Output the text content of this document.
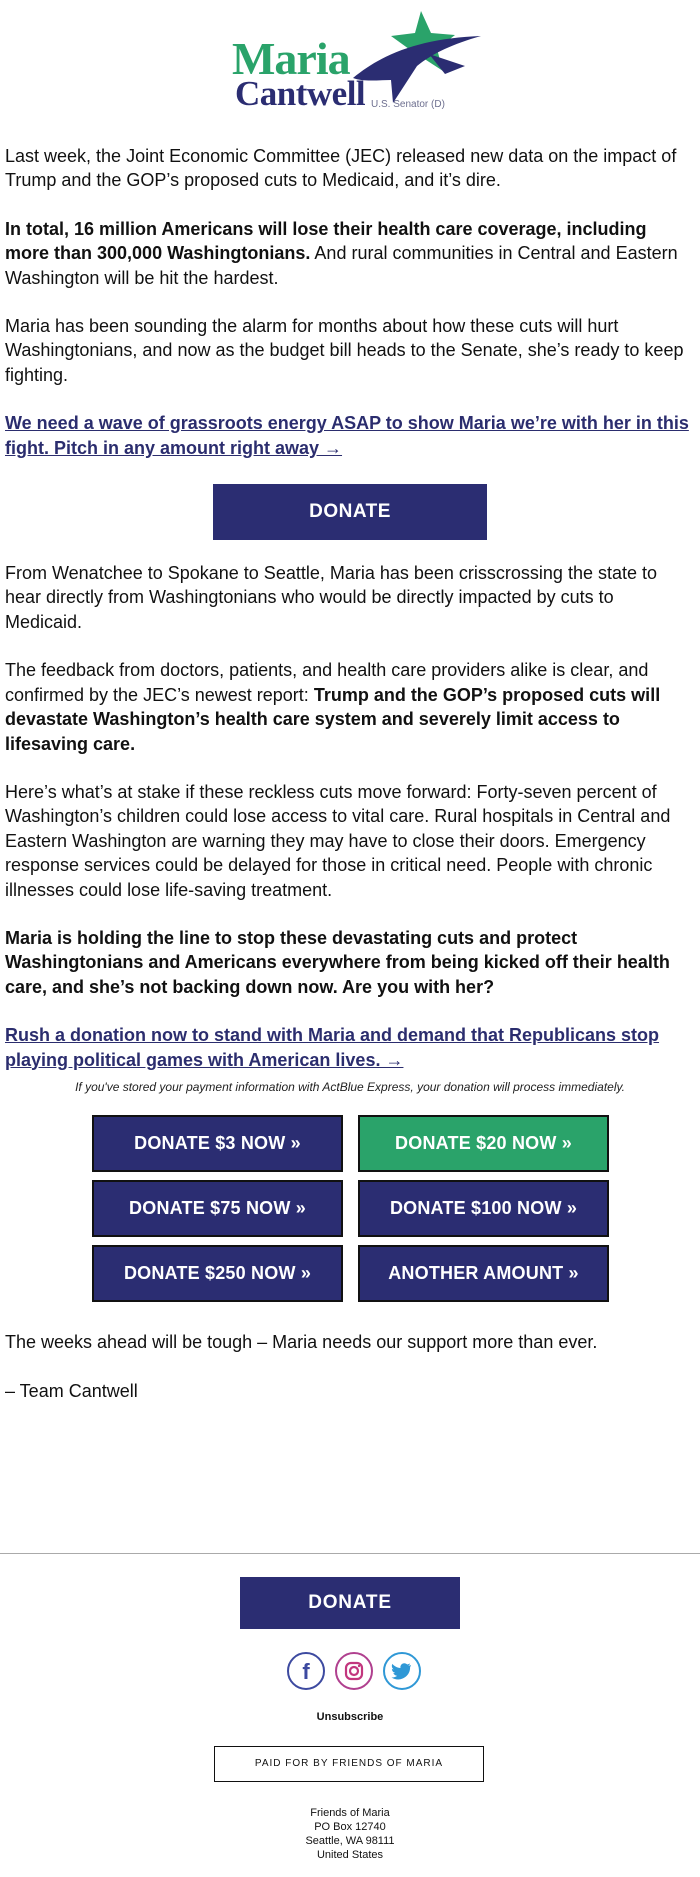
Maria
Cantwell U.S. Senator (D)

Last week, the Joint Economic Committee (JEC) released new data on the impact of Trump and the GOP’s proposed cuts to Medicaid, and it’s dire.

In total, 16 million Americans will lose their health care coverage, including more than 300,000 Washingtonians. And rural communities in Central and Eastern Washington will be hit the hardest.

Maria has been sounding the alarm for months about how these cuts will hurt Washingtonians, and now as the budget bill heads to the Senate, she’s ready to keep fighting.

We need a wave of grassroots energy ASAP to show Maria we’re with her in this fight. Pitch in any amount right away →

DONATE

From Wenatchee to Spokane to Seattle, Maria has been crisscrossing the state to hear directly from Washingtonians who would be directly impacted by cuts to Medicaid.

The feedback from doctors, patients, and health care providers alike is clear, and confirmed by the JEC’s newest report: Trump and the GOP’s proposed cuts will devastate Washington’s health care system and severely limit access to lifesaving care.

Here’s what’s at stake if these reckless cuts move forward: Forty-seven percent of Washington’s children could lose access to vital care. Rural hospitals in Central and Eastern Washington are warning they may have to close their doors. Emergency response services could be delayed for those in critical need. People with chronic illnesses could lose life-saving treatment.

Maria is holding the line to stop these devastating cuts and protect Washingtonians and Americans everywhere from being kicked off their health care, and she’s not backing down now. Are you with her?

Rush a donation now to stand with Maria and demand that Republicans stop playing political games with American lives. →

If you've stored your payment information with ActBlue Express, your donation will process immediately.
DONATE $3 NOW »	DONATE $20 NOW »
DONATE $75 NOW »	DONATE $100 NOW »
DONATE $250 NOW »	ANOTHER AMOUNT »

The weeks ahead will be tough – Maria needs our support more than ever.

– Team Cantwell

DONATE
f
Unsubscribe
PAID FOR BY FRIENDS OF MARIA
Friends of Maria
PO Box 12740
Seattle, WA 98111
United States
